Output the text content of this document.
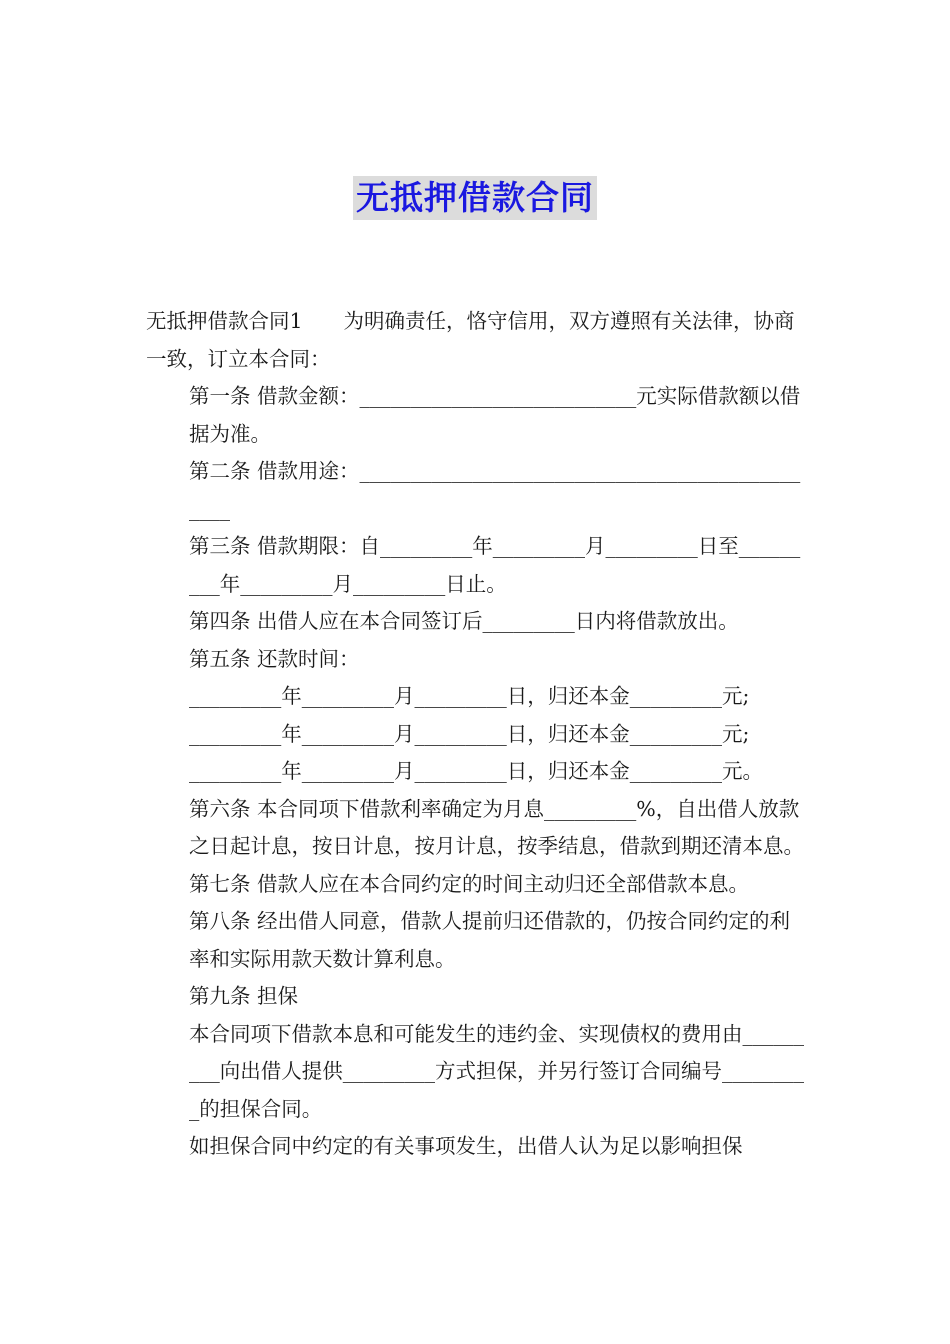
无抵押借款合同

无抵押借款合同1　　为明确责任，恪守信用，双方遵照有关法律，协商一致，订立本合同：

第一条 借款金额：___________________________元实际借款额以借据为准。

第二条 借款用途：_______________________________________________

第三条 借款期限：自_________年_________月_________日至_________年_________月_________日止。

第四条 出借人应在本合同签订后_________日内将借款放出。

第五条 还款时间：

_________年_________月_________日，归还本金_________元;

_________年_________月_________日，归还本金_________元;

_________年_________月_________日，归还本金_________元。

第六条 本合同项下借款利率确定为月息_________%，自出借人放款之日起计息，按日计息，按月计息，按季结息，借款到期还清本息。

第七条 借款人应在本合同约定的时间主动归还全部借款本息。

第八条 经出借人同意，借款人提前归还借款的，仍按合同约定的利率和实际用款天数计算利息。

第九条 担保

本合同项下借款本息和可能发生的违约金、实现债权的费用由_________向出借人提供_________方式担保，并另行签订合同编号_________的担保合同。

如担保合同中约定的有关事项发生，出借人认为足以影响担保
